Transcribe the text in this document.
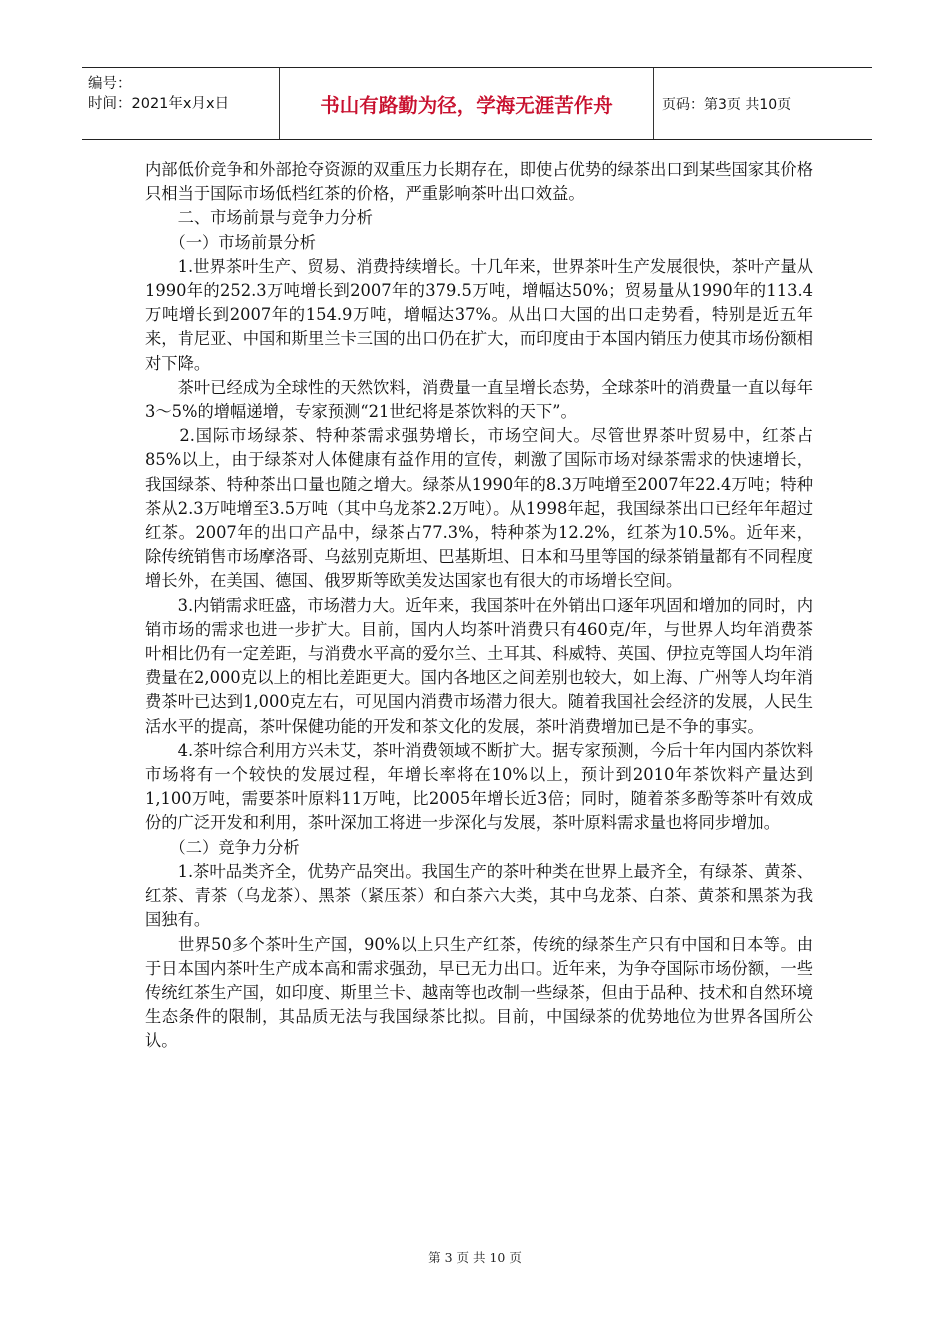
编号：
时间：2021年x月x日	书山有路勤为径，学海无涯苦作舟	页码：第3页 共10页

内部低价竞争和外部抢夺资源的双重压力长期存在，即使占优势的绿茶出口到某些国家其价格只相当于国际市场低档红茶的价格，严重影响茶叶出口效益。

　　二、市场前景与竞争力分析

　　（一）市场前景分析

　　1.世界茶叶生产、贸易、消费持续增长。十几年来，世界茶叶生产发展很快，茶叶产量从1990年的252.3万吨增长到2007年的379.5万吨，增幅达50%；贸易量从1990年的113.4万吨增长到2007年的154.9万吨，增幅达37%。从出口大国的出口走势看，特别是近五年来，肯尼亚、中国和斯里兰卡三国的出口仍在扩大，而印度由于本国内销压力使其市场份额相对下降。

　　茶叶已经成为全球性的天然饮料，消费量一直呈增长态势，全球茶叶的消费量一直以每年3～5%的增幅递增，专家预测“21世纪将是茶饮料的天下”。

　　2.国际市场绿茶、特种茶需求强势增长，市场空间大。尽管世界茶叶贸易中，红茶占85%以上，由于绿茶对人体健康有益作用的宣传，刺激了国际市场对绿茶需求的快速增长，我国绿茶、特种茶出口量也随之增大。绿茶从1990年的8.3万吨增至2007年22.4万吨；特种茶从2.3万吨增至3.5万吨（其中乌龙茶2.2万吨）。从1998年起，我国绿茶出口已经年年超过红茶。2007年的出口产品中，绿茶占77.3%，特种茶为12.2%，红茶为10.5%。近年来，除传统销售市场摩洛哥、乌兹别克斯坦、巴基斯坦、日本和马里等国的绿茶销量都有不同程度增长外，在美国、德国、俄罗斯等欧美发达国家也有很大的市场增长空间。

　　3.内销需求旺盛，市场潜力大。近年来，我国茶叶在外销出口逐年巩固和增加的同时，内销市场的需求也进一步扩大。目前，国内人均茶叶消费只有460克/年，与世界人均年消费茶叶相比仍有一定差距，与消费水平高的爱尔兰、土耳其、科威特、英国、伊拉克等国人均年消费量在2,000克以上的相比差距更大。国内各地区之间差别也较大，如上海、广州等人均年消费茶叶已达到1,000克左右，可见国内消费市场潜力很大。随着我国社会经济的发展，人民生活水平的提高，茶叶保健功能的开发和茶文化的发展，茶叶消费增加已是不争的事实。

　　4.茶叶综合利用方兴未艾，茶叶消费领域不断扩大。据专家预测，今后十年内国内茶饮料市场将有一个较快的发展过程，年增长率将在10%以上，预计到2010年茶饮料产量达到1,100万吨，需要茶叶原料11万吨，比2005年增长近3倍；同时，随着茶多酚等茶叶有效成份的广泛开发和利用，茶叶深加工将进一步深化与发展，茶叶原料需求量也将同步增加。

　　（二）竞争力分析

　　1.茶叶品类齐全，优势产品突出。我国生产的茶叶种类在世界上最齐全，有绿茶、黄茶、红茶、青茶（乌龙茶）、黑茶（紧压茶）和白茶六大类，其中乌龙茶、白茶、黄茶和黑茶为我国独有。

　　世界50多个茶叶生产国，90%以上只生产红茶，传统的绿茶生产只有中国和日本等。由于日本国内茶叶生产成本高和需求强劲，早已无力出口。近年来，为争夺国际市场份额，一些传统红茶生产国，如印度、斯里兰卡、越南等也改制一些绿茶，但由于品种、技术和自然环境生态条件的限制，其品质无法与我国绿茶比拟。目前，中国绿茶的优势地位为世界各国所公认。

第 3 页 共 10 页
